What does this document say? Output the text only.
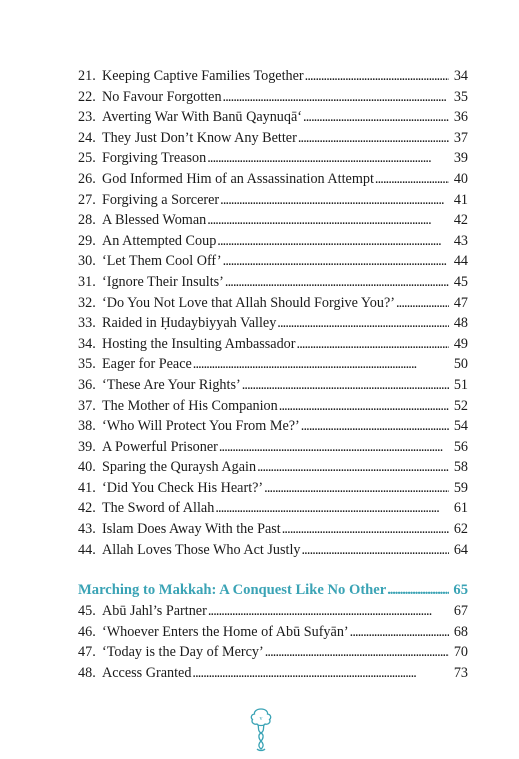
21. Keeping Captive Families Together . . .	34
22. No Favour Forgotten . . .	35
23. Averting War With Banū Qaynuqā‘ . . .	36
24. They Just Don’t Know Any Better . . .	37
25. Forgiving Treason . . .	39
26. God Informed Him of an Assassination Attempt . . .	40
27. Forgiving a Sorcerer . . .	41
28. A Blessed Woman . . .	42
29. An Attempted Coup . . .	43
30. ‘Let Them Cool Off’ . . .	44
31. ‘Ignore Their Insults’ . . .	45
32. ‘Do You Not Love that Allah Should Forgive You?’ . . .	47
33. Raided in Ḥudaybiyyah Valley . . .	48
34. Hosting the Insulting Ambassador . . .	49
35. Eager for Peace . . .	50
36. ‘These Are Your Rights’ . . .	51
37. The Mother of His Companion . . .	52
38. ‘Who Will Protect You From Me?’ . . .	54
39. A Powerful Prisoner . . .	56
40. Sparing the Quraysh Again . . .	58
41. ‘Did You Check His Heart?’ . . .	59
42. The Sword of Allah . . .	61
43. Islam Does Away With the Past . . .	62
44. Allah Loves Those Who Act Justly . . .	64
Marching to Makkah: A Conquest Like No Other . . .	65
45. Abū Jahl’s Partner . . .	67
46. ‘Whoever Enters the Home of Abū Sufyān’ . . .	68
47. ‘Today is the Day of Mercy’ . . .	70
48. Access Granted . . .	73
v
